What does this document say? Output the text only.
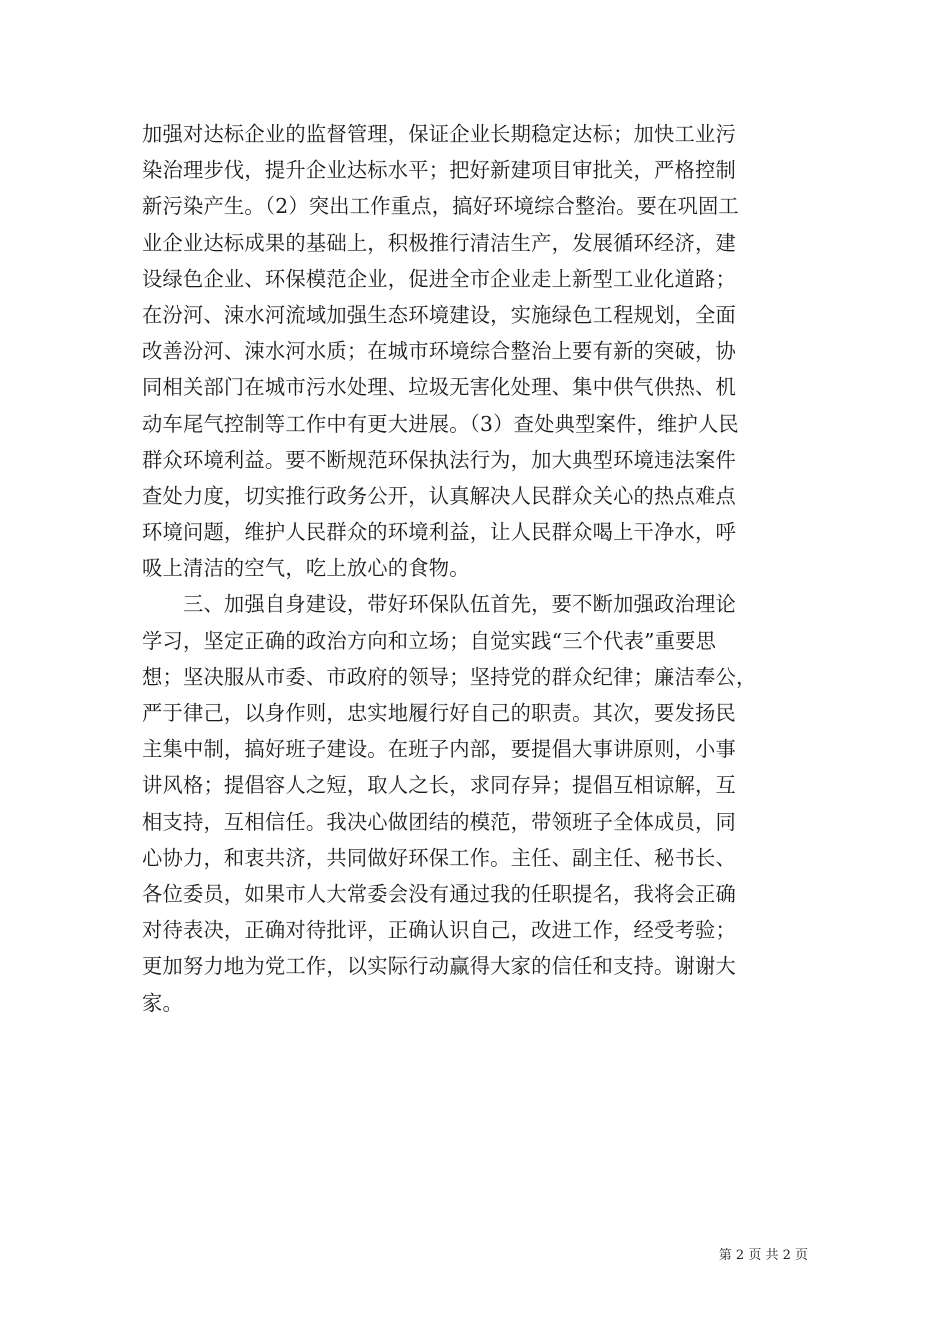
加强对达标企业的监督管理，保证企业长期稳定达标；加快工业污
染治理步伐，提升企业达标水平；把好新建项目审批关，严格控制
新污染产生。（2）突出工作重点，搞好环境综合整治。要在巩固工
业企业达标成果的基础上，积极推行清洁生产，发展循环经济，建
设绿色企业、环保模范企业，促进全市企业走上新型工业化道路；
在汾河、涑水河流域加强生态环境建设，实施绿色工程规划，全面
改善汾河、涑水河水质；在城市环境综合整治上要有新的突破，协
同相关部门在城市污水处理、垃圾无害化处理、集中供气供热、机
动车尾气控制等工作中有更大进展。（3）查处典型案件，维护人民
群众环境利益。要不断规范环保执法行为，加大典型环境违法案件
查处力度，切实推行政务公开，认真解决人民群众关心的热点难点
环境问题，维护人民群众的环境利益，让人民群众喝上干净水，呼
吸上清洁的空气，吃上放心的食物。
　　三、加强自身建设，带好环保队伍首先，要不断加强政治理论
学习，坚定正确的政治方向和立场；自觉实践“三个代表”重要思
想；坚决服从市委、市政府的领导；坚持党的群众纪律；廉洁奉公，
严于律己，以身作则，忠实地履行好自己的职责。其次，要发扬民
主集中制，搞好班子建设。在班子内部，要提倡大事讲原则，小事
讲风格；提倡容人之短，取人之长，求同存异；提倡互相谅解，互
相支持，互相信任。我决心做团结的模范，带领班子全体成员，同
心协力，和衷共济，共同做好环保工作。主任、副主任、秘书长、
各位委员，如果市人大常委会没有通过我的任职提名，我将会正确
对待表决，正确对待批评，正确认识自己，改进工作，经受考验；
更加努力地为党工作，以实际行动赢得大家的信任和支持。谢谢大
家。
第 2 页 共 2 页
